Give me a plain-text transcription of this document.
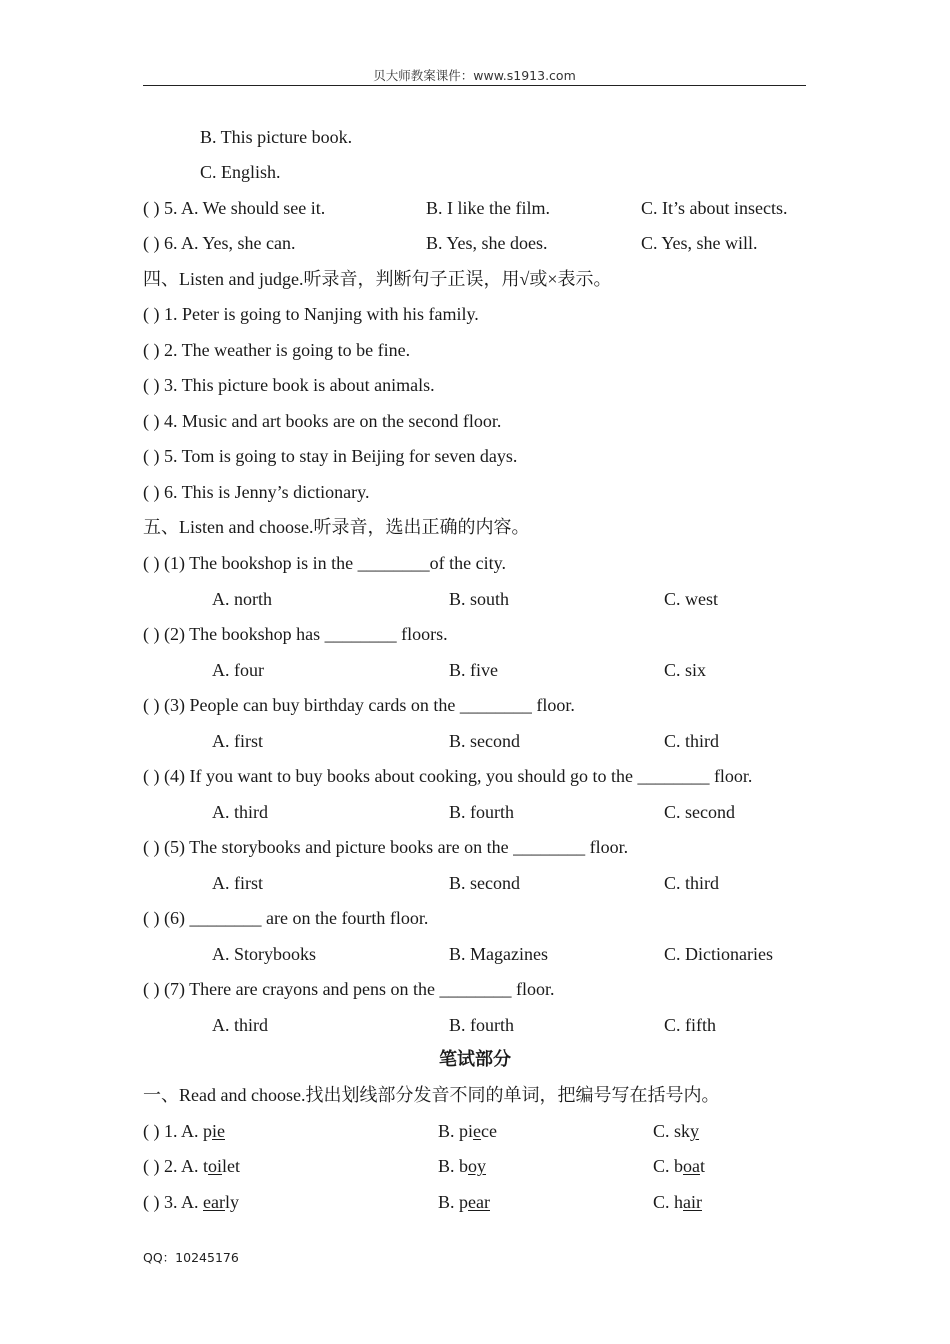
贝大师教案课件：www.s1913.com
B. This picture book.
C. English.
( ) 5. A. We should see it.	B. I like the film.	C. It’s about insects.
( ) 6. A. Yes, she can.	B. Yes, she does.	C. Yes, she will.
四、Listen and judge.听录音，判断句子正误，用√或×表示。
( ) 1. Peter is going to Nanjing with his family.
( ) 2. The weather is going to be fine.
( ) 3. This picture book is about animals.
( ) 4. Music and art books are on the second floor.
( ) 5. Tom is going to stay in Beijing for seven days.
( ) 6. This is Jenny’s dictionary.
五、Listen and choose.听录音，选出正确的内容。
( ) (1) The bookshop is in the ________of the city.
A. north	B. south	C. west
( ) (2) The bookshop has ________ floors.
A. four	B. five	C. six
( ) (3) People can buy birthday cards on the ________ floor.
A. first	B. second	C. third
( ) (4) If you want to buy books about cooking, you should go to the ________ floor.
A. third	B. fourth	C. second
( ) (5) The storybooks and picture books are on the ________ floor.
A. first	B. second	C. third
( ) (6) ________ are on the fourth floor.
A. Storybooks	B. Magazines	C. Dictionaries
( ) (7) There are crayons and pens on the ________ floor.
A. third	B. fourth	C. fifth
笔试部分
一、Read and choose.找出划线部分发音不同的单词，把编号写在括号内。
( ) 1. A. pie	B. piece	C. sky
( ) 2. A. toilet	B. boy	C. boat
( ) 3. A. early	B. pear	C. hair
QQ：10245176
